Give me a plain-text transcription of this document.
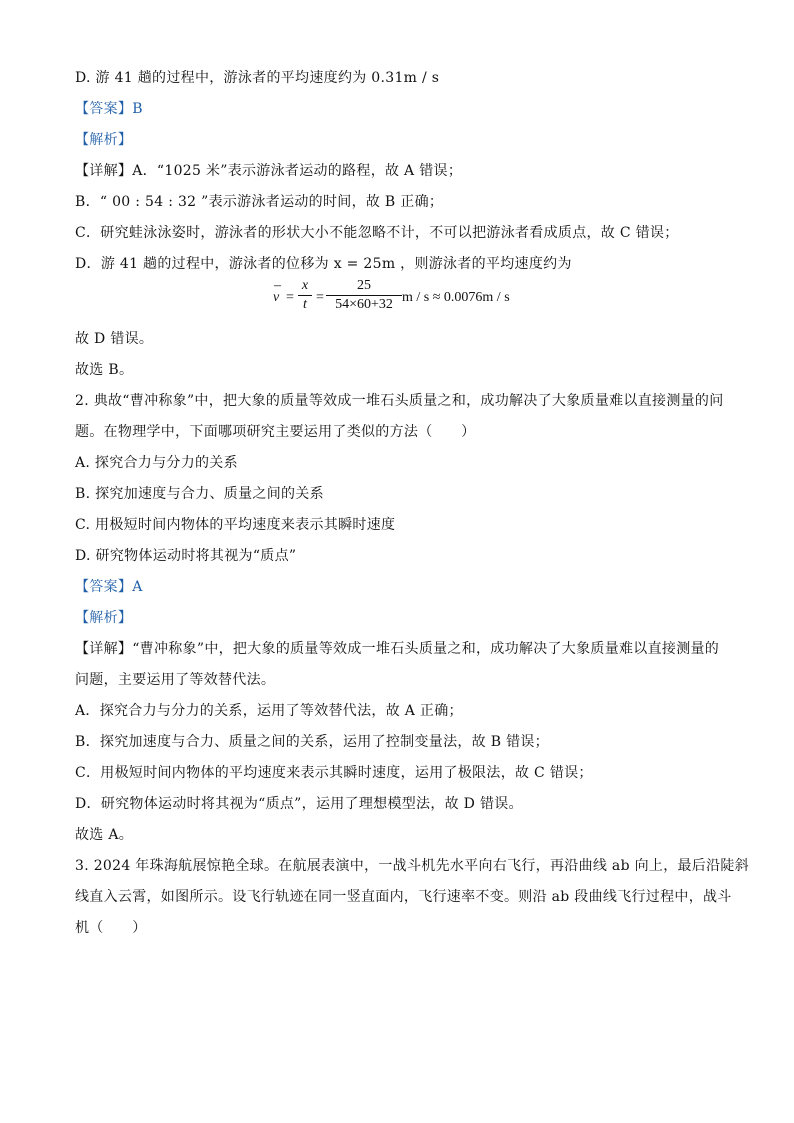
D. 游 41 趟的过程中，游泳者的平均速度约为 0.31m / s
【答案】B
【解析】
【详解】A．“1025 米”表示游泳者运动的路程，故 A 错误；
B．“ 00 : 54 : 32 ”表示游泳者运动的时间，故 B 正确；
C．研究蛙泳泳姿时，游泳者的形状大小不能忽略不计，不可以把游泳者看成质点，故 C 错误；
D．游 41 趟的过程中，游泳者的位移为 x = 25m ，则游泳者的平均速度约为
–
v =
x
t =
25
54×60+32 m / s ≈ 0.0076m / s
故 D 错误。
故选 B。
2. 典故“曹冲称象”中，把大象的质量等效成一堆石头质量之和，成功解决了大象质量难以直接测量的问
题。在物理学中，下面哪项研究主要运用了类似的方法（　　）
A. 探究合力与分力的关系
B. 探究加速度与合力、质量之间的关系
C. 用极短时间内物体的平均速度来表示其瞬时速度
D. 研究物体运动时将其视为“质点”
【答案】A
【解析】
【详解】“曹冲称象”中，把大象的质量等效成一堆石头质量之和，成功解决了大象质量难以直接测量的
问题，主要运用了等效替代法。
A．探究合力与分力的关系，运用了等效替代法，故 A 正确；
B．探究加速度与合力、质量之间的关系，运用了控制变量法，故 B 错误；
C．用极短时间内物体的平均速度来表示其瞬时速度，运用了极限法，故 C 错误；
D．研究物体运动时将其视为“质点”，运用了理想模型法，故 D 错误。
故选 A。
3. 2024 年珠海航展惊艳全球。在航展表演中，一战斗机先水平向右飞行，再沿曲线 ab 向上，最后沿陡斜
线直入云霄，如图所示。设飞行轨迹在同一竖直面内，飞行速率不变。则沿 ab 段曲线飞行过程中，战斗
机（　　）
